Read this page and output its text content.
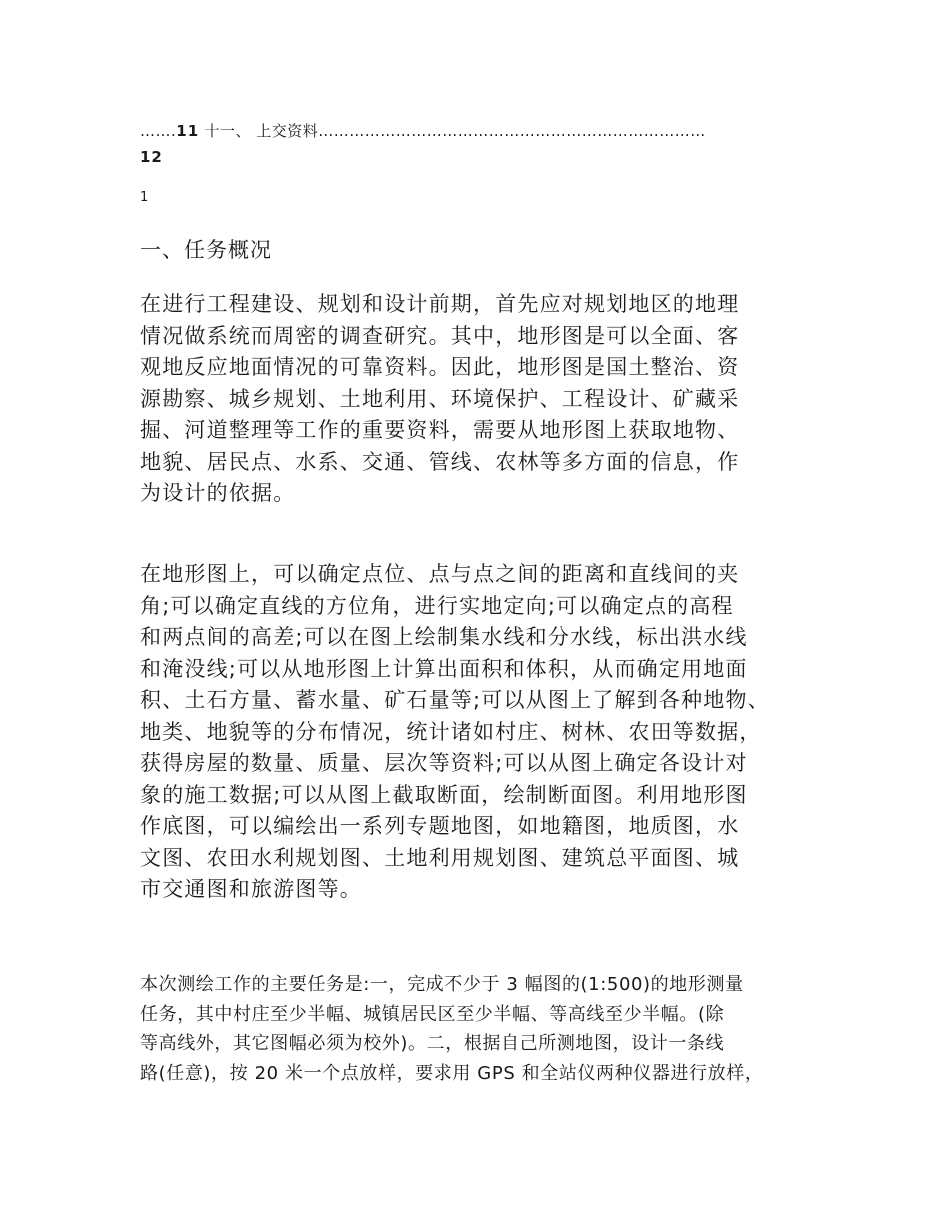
…….11 十一、 上交资料…………………………………………………………………
12
1
一、任务概况

在进行工程建设、规划和设计前期，首先应对规划地区的地理
情况做系统而周密的调查研究。其中，地形图是可以全面、客
观地反应地面情况的可靠资料。因此，地形图是国土整治、资
源勘察、城乡规划、土地利用、环境保护、工程设计、矿藏采
掘、河道整理等工作的重要资料，需要从地形图上获取地物、
地貌、居民点、水系、交通、管线、农林等多方面的信息，作
为设计的依据。

在地形图上，可以确定点位、点与点之间的距离和直线间的夹
角;可以确定直线的方位角，进行实地定向;可以确定点的高程
和两点间的高差;可以在图上绘制集水线和分水线，标出洪水线
和淹没线;可以从地形图上计算出面积和体积，从而确定用地面
积、土石方量、蓄水量、矿石量等;可以从图上了解到各种地物、
地类、地貌等的分布情况，统计诸如村庄、树林、农田等数据，
获得房屋的数量、质量、层次等资料;可以从图上确定各设计对
象的施工数据;可以从图上截取断面，绘制断面图。利用地形图
作底图，可以编绘出一系列专题地图，如地籍图，地质图，水
文图、农田水利规划图、土地利用规划图、建筑总平面图、城
市交通图和旅游图等。

本次测绘工作的主要任务是:一，完成不少于 3 幅图的(1:500)的地形测量
任务，其中村庄至少半幅、城镇居民区至少半幅、等高线至少半幅。(除
等高线外，其它图幅必须为校外)。二，根据自己所测地图，设计一条线
路(任意)，按 20 米一个点放样，要求用 GPS 和全站仪两种仪器进行放样，
